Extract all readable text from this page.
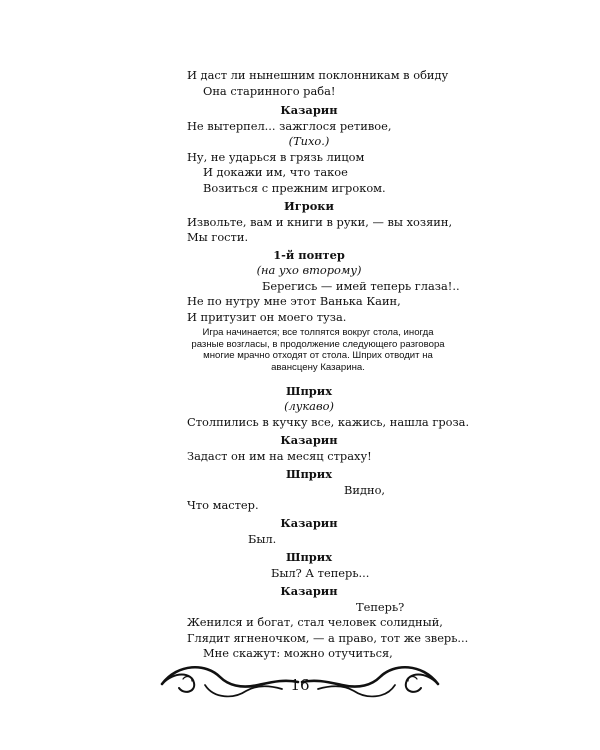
И даст ли нынешним поклонникам в обиду
Она старинного раба!
Казарин
Не вытерпел... зажглося ретивое,
(Тихо.)
Ну, не ударься в грязь лицом
И докажи им, что такое
Возиться с прежним игроком.
Игроки
Извольте, вам и книги в руки, — вы хозяин,
Мы гости.
1-й понтер
(на ухо второму)
Берегись — имей теперь глаза!..
Не по нутру мне этот Ванька Каин,
И притузит он моего туза.
Игра начинается; все толпятся вокруг стола, иногда разные возгласы, в продолжение следующего разговора многие мрачно отходят от стола. Шприх отводит на авансцену Казарина.
Шприх
(лукаво)
Столпились в кучку все, кажись, нашла гроза.
Казарин
Задаст он им на месяц страху!
Шприх
Видно,
Что мастер.
Казарин
Был.
Шприх
Был? А теперь...
Казарин
Теперь?
Женился и богат, стал человек солидный,
Глядит ягненочком, — а право, тот же зверь...
Мне скажут: можно отучиться,
16
